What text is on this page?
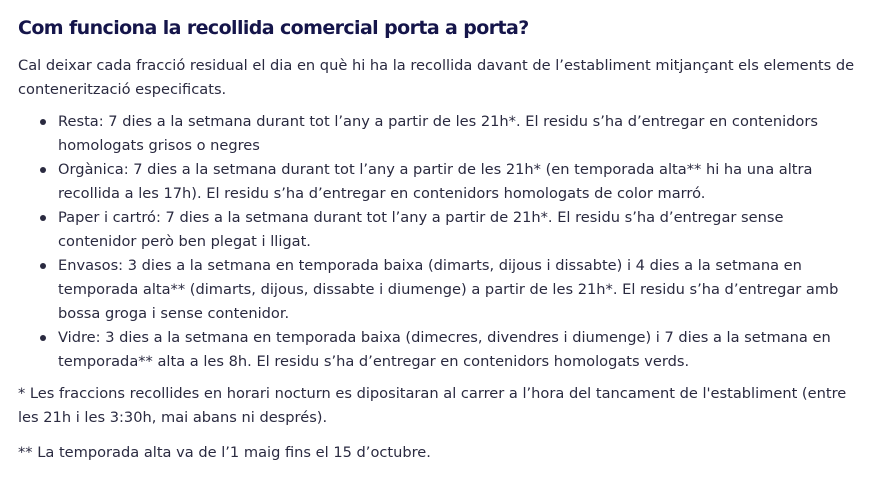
Com funciona la recollida comercial porta a porta?

Cal deixar cada fracció residual el dia en què hi ha la recollida davant de l’establiment mitjançant els elements de contenerització especificats.

Resta: 7 dies a la setmana durant tot l’any a partir de les 21h*. El residu s’ha d’entregar en contenidors homologats grisos o negres
Orgànica: 7 dies a la setmana durant tot l’any a partir de les 21h* (en temporada alta** hi ha una altra recollida a les 17h). El residu s’ha d’entregar en contenidors homologats de color marró.
Paper i cartró: 7 dies a la setmana durant tot l’any a partir de 21h*. El residu s’ha d’entregar sense contenidor però ben plegat i lligat.
Envasos: 3 dies a la setmana en temporada baixa (dimarts, dijous i dissabte) i 4 dies a la setmana en temporada alta** (dimarts, dijous, dissabte i diumenge) a partir de les 21h*. El residu s’ha d’entregar amb bossa groga i sense contenidor.
Vidre: 3 dies a la setmana en temporada baixa (dimecres, divendres i diumenge) i 7 dies a la setmana en temporada** alta a les 8h. El residu s’ha d’entregar en contenidors homologats verds.

* Les fraccions recollides en horari nocturn es dipositaran al carrer a l’hora del tancament de l'establiment (entre les 21h i les 3:30h, mai abans ni després).

** La temporada alta va de l’1 maig fins el 15 d’octubre.
